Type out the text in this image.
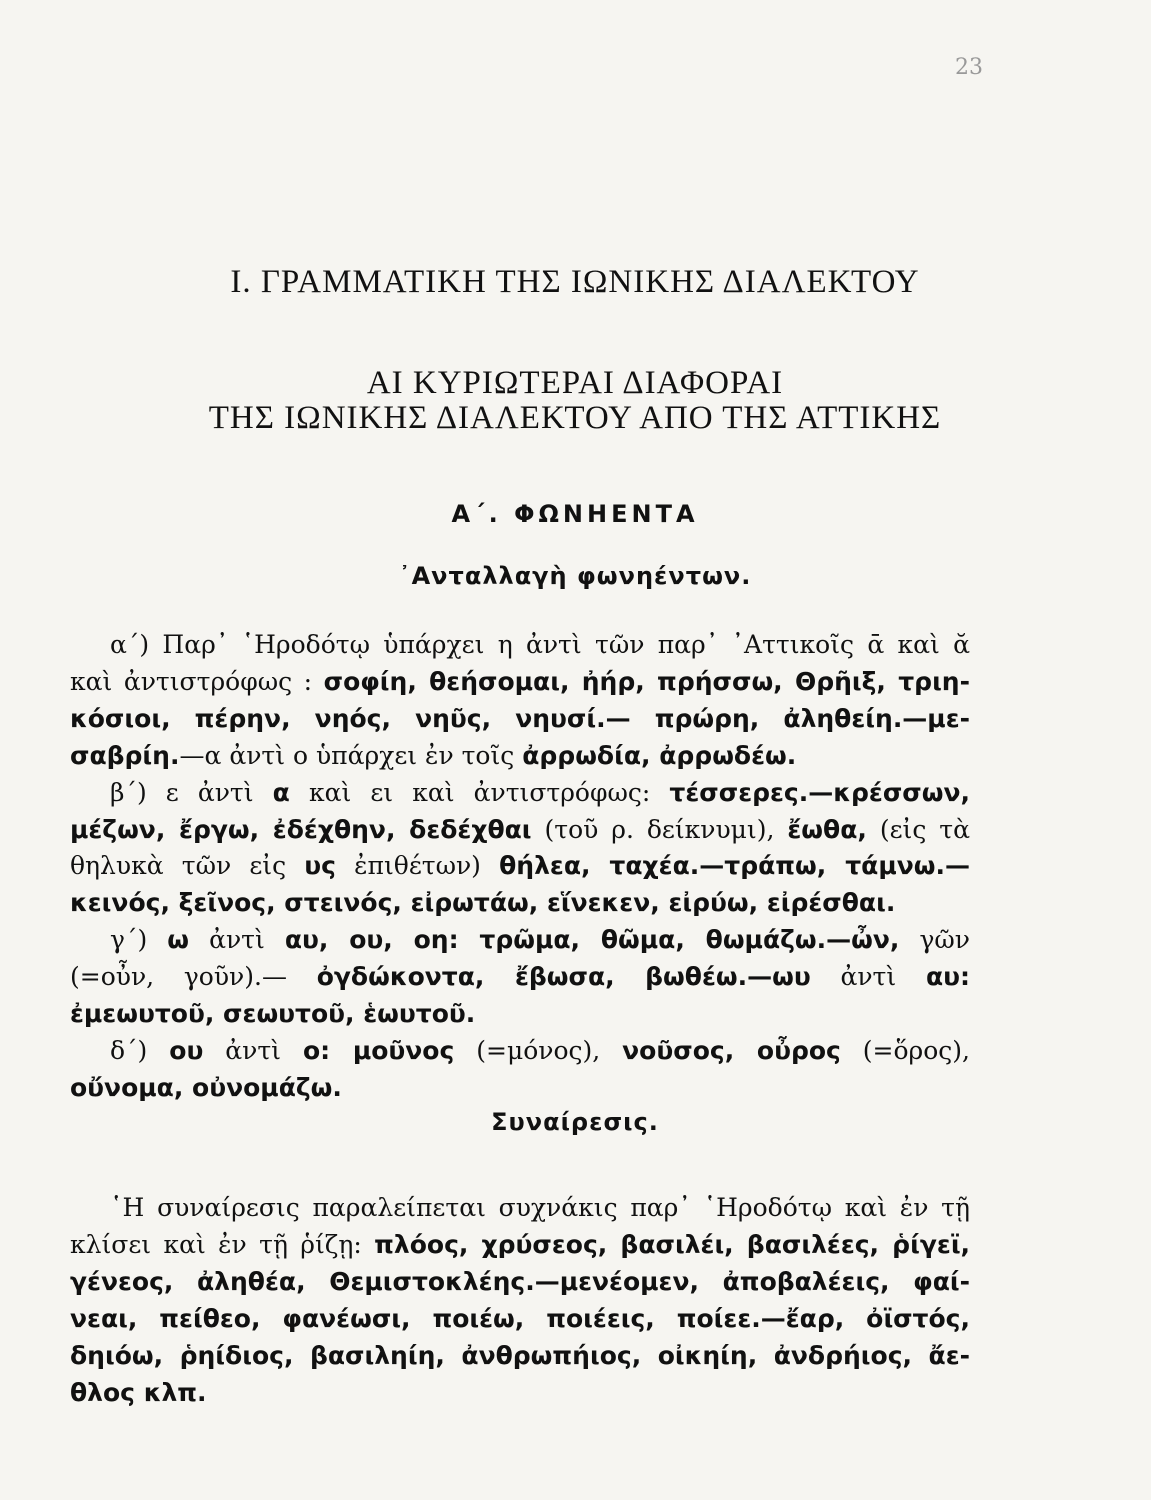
23
Ι. ΓΡΑΜΜΑΤΙΚΗ ΤΗΣ ΙΩΝΙΚΗΣ ΔΙΑΛΕΚΤΟΥ
ΑΙ ΚΥΡΙΩΤΕΡΑΙ ΔΙΑΦΟΡΑΙ
ΤΗΣ ΙΩΝΙΚΗΣ ΔΙΑΛΕΚΤΟΥ ΑΠΟ ΤΗΣ ΑΤΤΙΚΗΣ
Α΄. ΦΩΝΗΕΝΤΑ
᾿Ανταλλαγὴ φωνηέντων.
α΄) Παρ᾿ ῾Ηροδότῳ ὑπάρχει η ἀντὶ τῶν παρ᾿ ᾿Αττικοῖς ᾱ καὶ ᾰ
καὶ ἀντιστρόφως : σοφίη, θεήσομαι, ἠήρ, πρήσσω, Θρῆιξ, τριη-
κόσιοι, πέρην, νηός, νηῦς, νηυσί.— πρώρη, ἀληθείη.—με-
σαβρίη.—α ἀντὶ ο ὑπάρχει ἐν τοῖς ἀρρωδία, ἀρρωδέω.
β΄) ε ἀντὶ α καὶ ει καὶ ἀντιστρόφως: τέσσερες.—κρέσσων,
μέζων, ἔργω, ἐδέχθην, δεδέχθαι (τοῦ ρ. δείκνυμι), ἔωθα, (εἰς τὰ
θηλυκὰ τῶν εἰς υς ἐπιθέτων) θήλεα, ταχέα.—τράπω, τάμνω.—
κεινός, ξεῖνος, στεινός, εἰρωτάω, εἵνεκεν, εἰρύω, εἰρέσθαι.
γ΄) ω ἀντὶ αυ, ου, οη: τρῶμα, θῶμα, θωμάζω.—ὦν, γῶν
(=οὖν, γοῦν).— ὀγδώκοντα, ἔβωσα, βωθέω.—ωυ ἀντὶ αυ:
ἐμεωυτοῦ, σεωυτοῦ, ἑωυτοῦ.
δ΄) ου ἀντὶ ο: μοῦνος (=μόνος), νοῦσος, οὖρος (=ὅρος),
οὔνομα, οὐνομάζω.
Συναίρεσις.
῾Η συναίρεσις παραλείπεται συχνάκις παρ᾿ ῾Ηροδότῳ καὶ ἐν τῇ
κλίσει καὶ ἐν τῇ ῥίζῃ: πλόος, χρύσεος, βασιλέι, βασιλέες, ῥίγεϊ,
γένεος, ἀληθέα, Θεμιστοκλέης.—μενέομεν, ἀποβαλέεις, φαί-
νεαι, πείθεο, φανέωσι, ποιέω, ποιέεις, ποίεε.—ἔαρ, ὀϊστός,
δηιόω, ῥηίδιος, βασιληίη, ἀνθρωπήιος, οἰκηίη, ἀνδρήιος, ἄε-
θλος κλπ.
